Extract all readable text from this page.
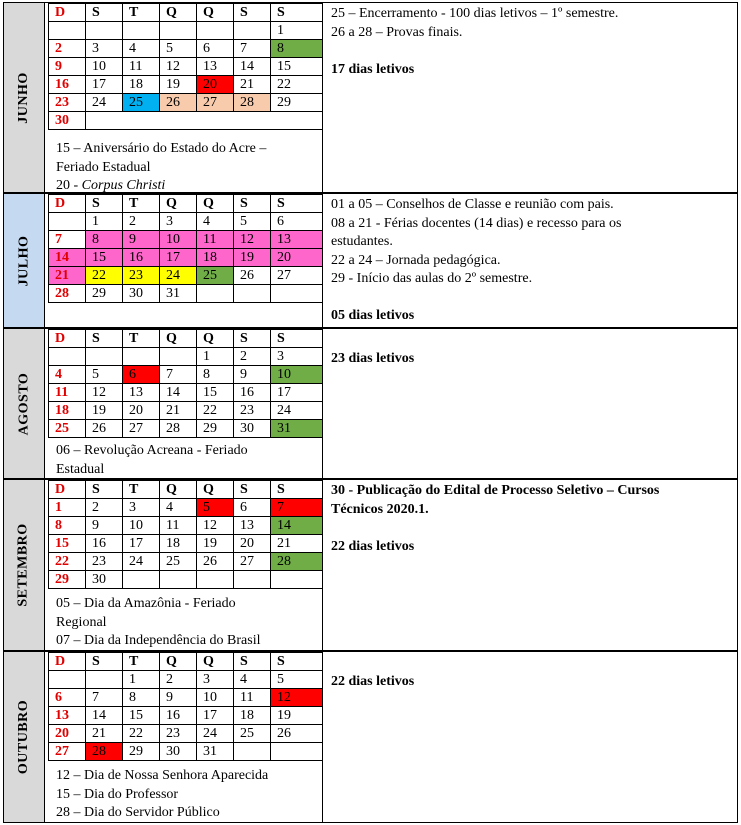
JUNHO
D	S	T	Q	Q	S	S
						1
2	3	4	5	6	7	8
9	10	11	12	13	14	15
16	17	18	19	20	21	22
23	24	25	26	27	28	29
30						
15 – Aniversário do Estado do Acre –
Feriado Estadual
20 - Corpus Christi

25 – Encerramento - 100 dias letivos – 1º semestre.

26 a 28 – Provas finais.

17 dias letivos

JULHO
D	S	T	Q	Q	S	S
	1	2	3	4	5	6
7	8	9	10	11	12	13
14	15	16	17	18	19	20
21	22	23	24	25	26	27
28	29	30	31			

01 a 05 – Conselhos de Classe e reunião com pais.

08 a 21 - Férias docentes (14 dias) e recesso para os

estudantes.

22 a 24 – Jornada pedagógica.

29 - Início das aulas do 2º semestre.

05 dias letivos

AGOSTO
D	S	T	Q	Q	S	S
				1	2	3
4	5	6	7	8	9	10
11	12	13	14	15	16	17
18	19	20	21	22	23	24
25	26	27	28	29	30	31
06 – Revolução Acreana - Feriado
Estadual

23 dias letivos

SETEMBRO
D	S	T	Q	Q	S	S
1	2	3	4	5	6	7
8	9	10	11	12	13	14
15	16	17	18	19	20	21
22	23	24	25	26	27	28
29	30					
05 – Dia da Amazônia - Feriado
Regional
07 – Dia da Independência do Brasil

30 - Publicação do Edital de Processo Seletivo – Cursos

Técnicos 2020.1.

22 dias letivos

OUTUBRO
D	S	T	Q	Q	S	S
		1	2	3	4	5
6	7	8	9	10	11	12
13	14	15	16	17	18	19
20	21	22	23	24	25	26
27	28	29	30	31		
12 – Dia de Nossa Senhora Aparecida
15 – Dia do Professor
28 – Dia do Servidor Público

22 dias letivos
